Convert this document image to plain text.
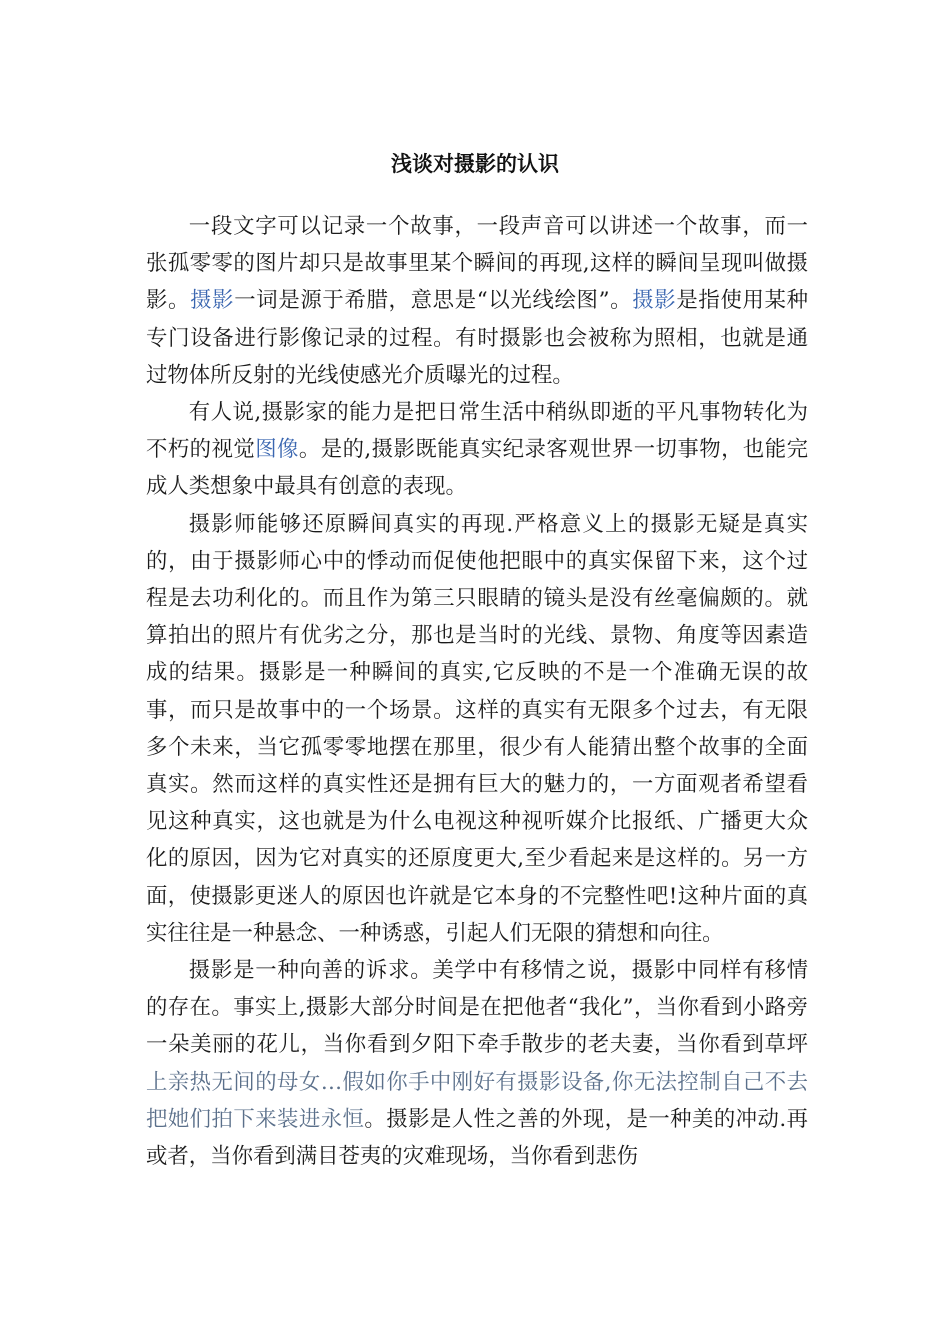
浅谈对摄影的认识

一段文字可以记录一个故事，一段声音可以讲述一个故事，而一张孤零零的图片却只是故事里某个瞬间的再现,这样的瞬间呈现叫做摄影。摄影一词是源于希腊，意思是“以光线绘图”。摄影是指使用某种专门设备进行影像记录的过程。有时摄影也会被称为照相，也就是通过物体所反射的光线使感光介质曝光的过程。

有人说,摄影家的能力是把日常生活中稍纵即逝的平凡事物转化为不朽的视觉图像。是的,摄影既能真实纪录客观世界一切事物，也能完成人类想象中最具有创意的表现。

摄影师能够还原瞬间真实的再现.严格意义上的摄影无疑是真实的，由于摄影师心中的悸动而促使他把眼中的真实保留下来，这个过程是去功利化的。而且作为第三只眼睛的镜头是没有丝毫偏颇的。就算拍出的照片有优劣之分，那也是当时的光线、景物、角度等因素造成的结果。摄影是一种瞬间的真实,它反映的不是一个准确无误的故事，而只是故事中的一个场景。这样的真实有无限多个过去，有无限多个未来，当它孤零零地摆在那里，很少有人能猜出整个故事的全面真实。然而这样的真实性还是拥有巨大的魅力的，一方面观者希望看见这种真实，这也就是为什么电视这种视听媒介比报纸、广播更大众化的原因，因为它对真实的还原度更大,至少看起来是这样的。另一方面，使摄影更迷人的原因也许就是它本身的不完整性吧!这种片面的真实往往是一种悬念、一种诱惑，引起人们无限的猜想和向往。

摄影是一种向善的诉求。美学中有移情之说，摄影中同样有移情的存在。事实上,摄影大部分时间是在把他者“我化”，当你看到小路旁一朵美丽的花儿，当你看到夕阳下牵手散步的老夫妻，当你看到草坪上亲热无间的母女…假如你手中刚好有摄影设备,你无法控制自己不去把她们拍下来装进永恒。摄影是人性之善的外现，是一种美的冲动.再或者，当你看到满目苍夷的灾难现场，当你看到悲伤
